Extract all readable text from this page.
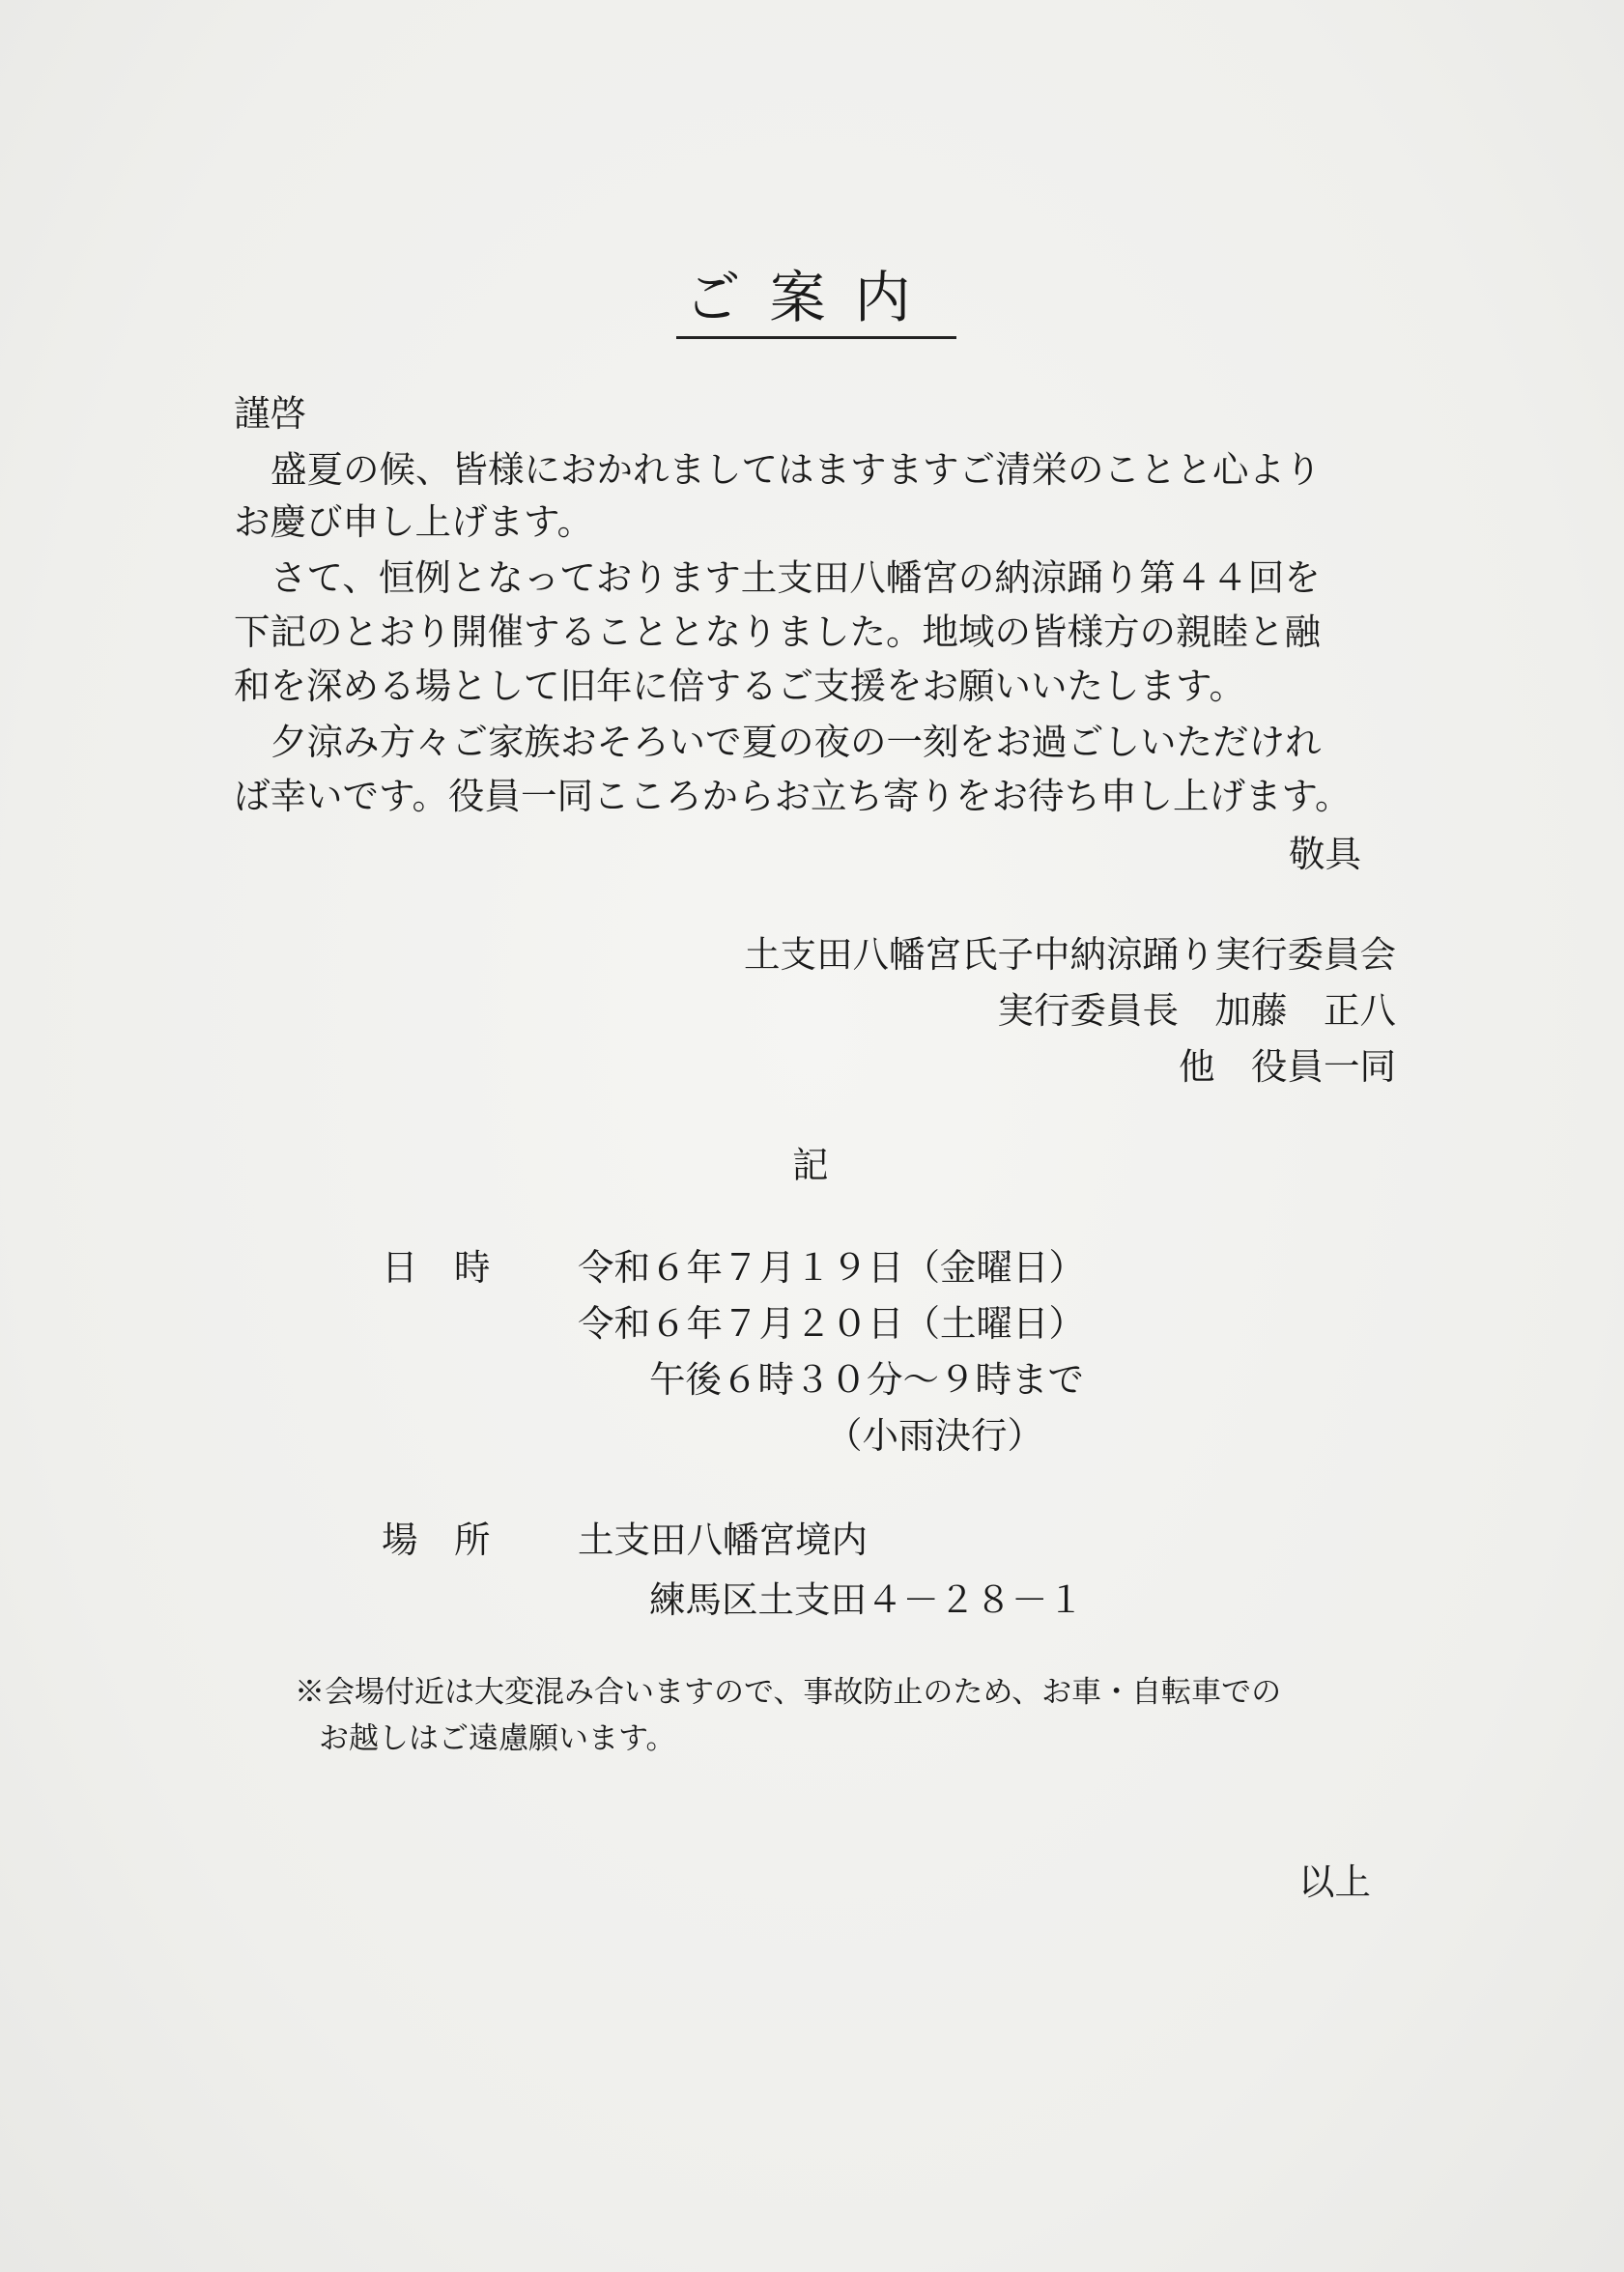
ご案内
謹啓
盛夏の候、皆様におかれましてはますますご清栄のことと心より
お慶び申し上げます。
さて、恒例となっております土支田八幡宮の納涼踊り第４４回を
下記のとおり開催することとなりました。地域の皆様方の親睦と融
和を深める場として旧年に倍するご支援をお願いいたします。
夕涼み方々ご家族おそろいで夏の夜の一刻をお過ごしいただけれ
ば幸いです。役員一同こころからお立ち寄りをお待ち申し上げます。
敬具
土支田八幡宮氏子中納涼踊り実行委員会
実行委員長　加藤　正八
他　役員一同
記
日　時 令和６年７月１９日（金曜日）
令和６年７月２０日（土曜日）
午後６時３０分～９時まで
（小雨決行）
場　所 土支田八幡宮境内
練馬区土支田４－２８－１
※会場付近は大変混み合いますので、事故防止のため、お車・自転車での
お越しはご遠慮願います。
以上
